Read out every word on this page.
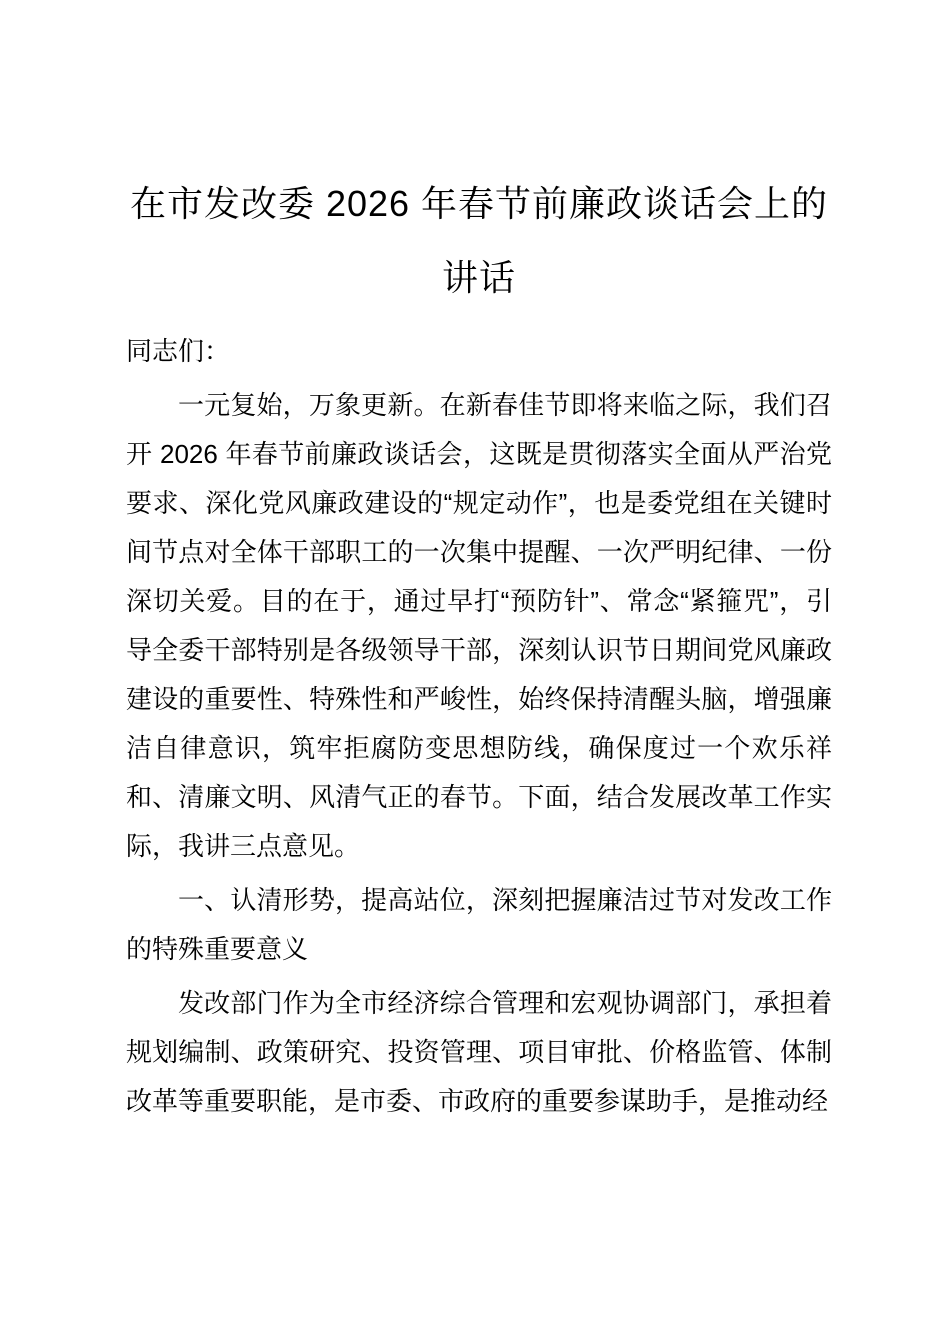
在市发改委 2026 年春节前廉政谈话会上的
讲话

同志们：

一元复始，万象更新。在新春佳节即将来临之际，我们召开 2026 年春节前廉政谈话会，这既是贯彻落实全面从严治党要求、深化党风廉政建设的“规定动作”，也是委党组在关键时间节点对全体干部职工的一次集中提醒、一次严明纪律、一份深切关爱。目的在于，通过早打“预防针”、常念“紧箍咒”，引导全委干部特别是各级领导干部，深刻认识节日期间党风廉政建设的重要性、特殊性和严峻性，始终保持清醒头脑，增强廉洁自律意识，筑牢拒腐防变思想防线，确保度过一个欢乐祥和、清廉文明、风清气正的春节。下面，结合发展改革工作实际，我讲三点意见。

一、认清形势，提高站位，深刻把握廉洁过节对发改工作的特殊重要意义

发改部门作为全市经济综合管理和宏观协调部门，承担着规划编制、政策研究、投资管理、项目审批、价格监管、体制改革等重要职能，是市委、市政府的重要参谋助手，是推动经
